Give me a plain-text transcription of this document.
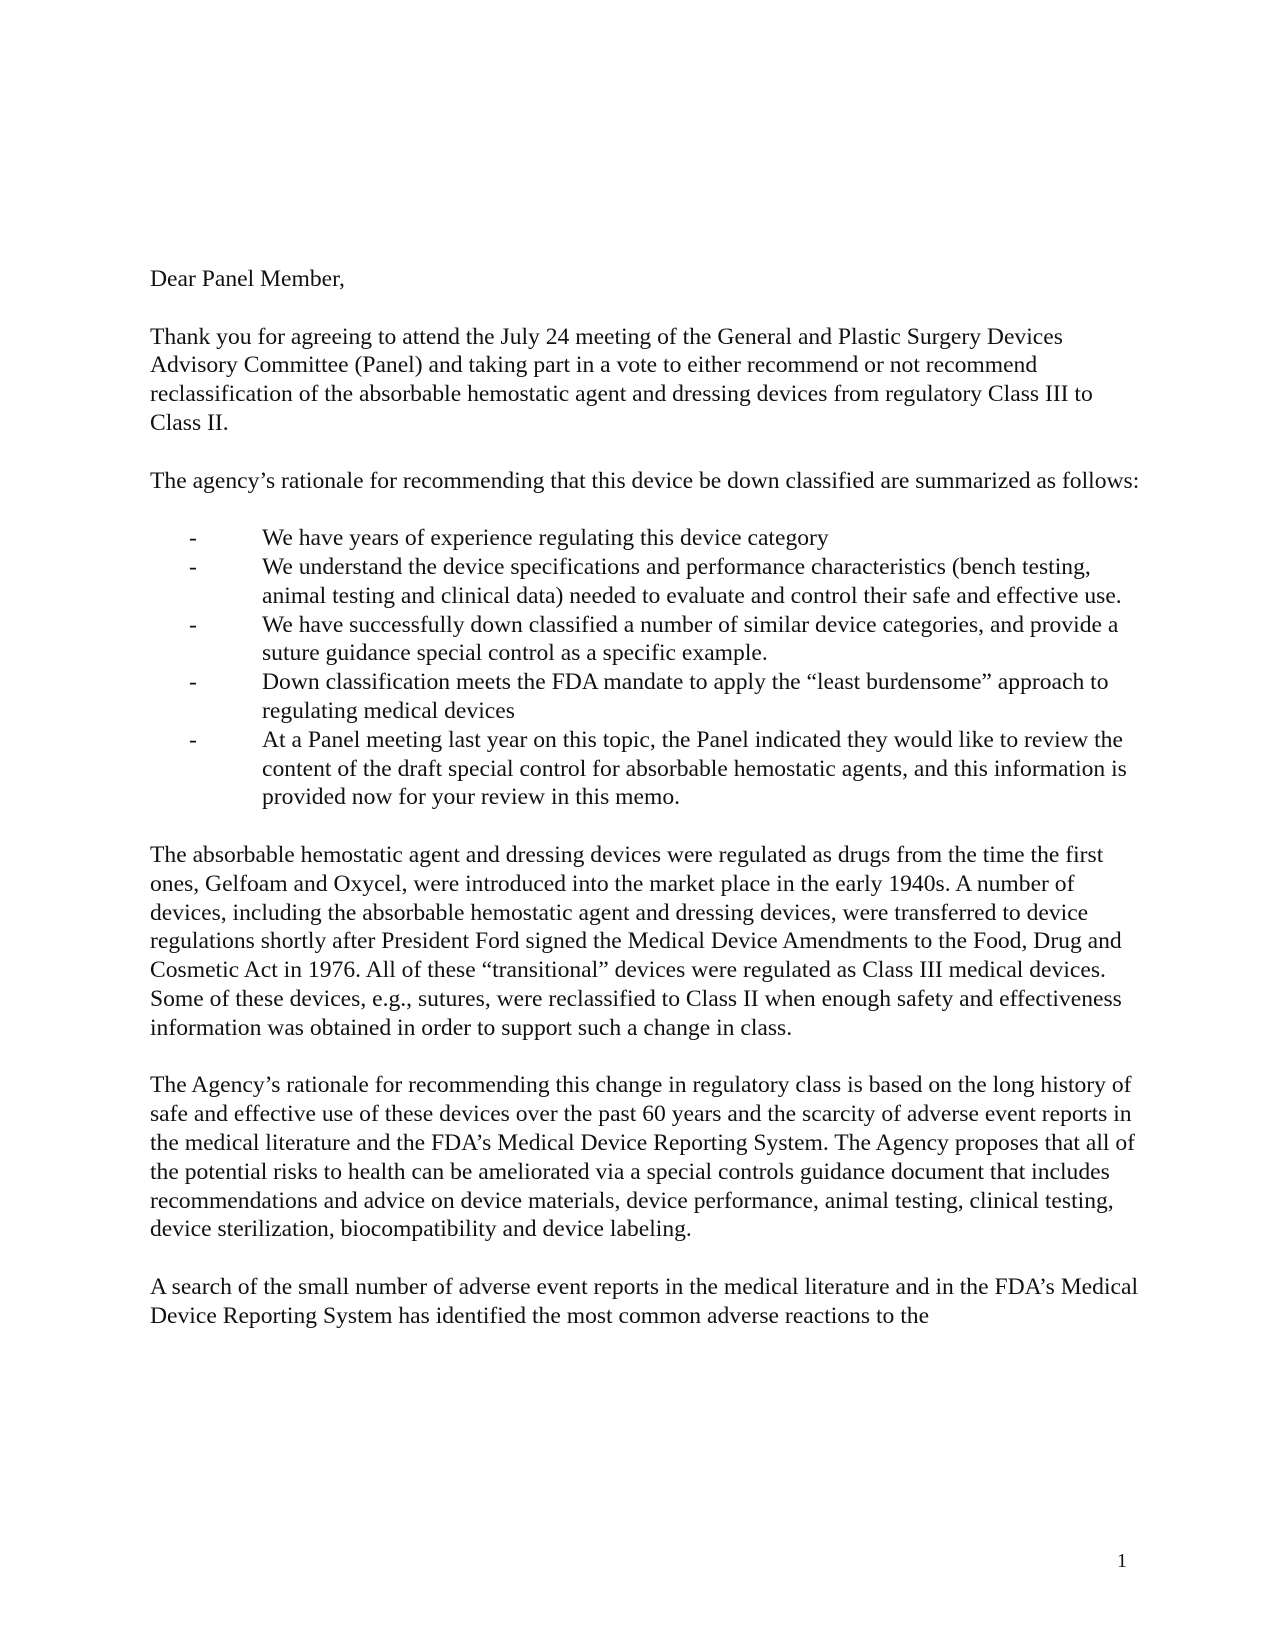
Dear Panel Member,

Thank you for agreeing to attend the July 24 meeting of the General and Plastic Surgery Devices Advisory Committee (Panel) and taking part in a vote to either recommend or not recommend reclassification of the absorbable hemostatic agent and dressing devices from regulatory Class III to Class II.

The agency’s rationale for recommending that this device be down classified are summarized as follows:

-	We have years of experience regulating this device category
-	We understand the device specifications and performance characteristics (bench testing, animal testing and clinical data) needed to evaluate and control their safe and effective use.
-	We have successfully down classified a number of similar device categories, and provide a suture guidance special control as a specific example.
-	Down classification meets the FDA mandate to apply the “least burdensome” approach to regulating medical devices
-	At a Panel meeting last year on this topic, the Panel indicated they would like to review the content of the draft special control for absorbable hemostatic agents, and this information is provided now for your review in this memo.

The absorbable hemostatic agent and dressing devices were regulated as drugs from the time the first ones, Gelfoam and Oxycel, were introduced into the market place in the early 1940s. A number of devices, including the absorbable hemostatic agent and dressing devices, were transferred to device regulations shortly after President Ford signed the Medical Device Amendments to the Food, Drug and Cosmetic Act in 1976. All of these “transitional” devices were regulated as Class III medical devices. Some of these devices, e.g., sutures, were reclassified to Class II when enough safety and effectiveness information was obtained in order to support such a change in class.

The Agency’s rationale for recommending this change in regulatory class is based on the long history of safe and effective use of these devices over the past 60 years and the scarcity of adverse event reports in the medical literature and the FDA’s Medical Device Reporting System. The Agency proposes that all of the potential risks to health can be ameliorated via a special controls guidance document that includes recommendations and advice on device materials, device performance, animal testing, clinical testing, device sterilization, biocompatibility and device labeling.

A search of the small number of adverse event reports in the medical literature and in the FDA’s Medical Device Reporting System has identified the most common adverse reactions to the

1
